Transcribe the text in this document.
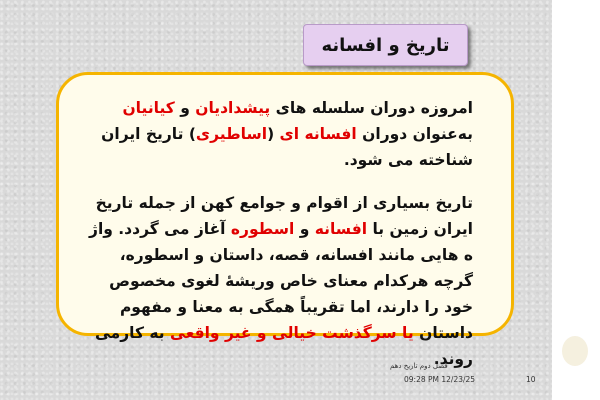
تاریخ و افسانه

امروزه دوران سلسله های پیشدادیان و کیانیان به‌عنوان دوران افسانه ای (اساطیری) تاریخ ایران شناخته می شود.

تاریخ بسیاری از اقوام و جوامع کهن از جمله تاریخ ایران زمین با افسانه و اسطوره آغاز می گردد. واژ ه هایی مانند افسانه، قصه، داستان و اسطوره، گرچه هرکدام معنای خاص وریشهٔ لغوی مخصوص خود را دارند، اما تقریباً همگی به معنا و مفهوم داستان یا سرگذشت خیالی و غیر واقعی به کارمی روند.

فصل دوم تاریخ دهم
09:28 PM 12/23/25	10
